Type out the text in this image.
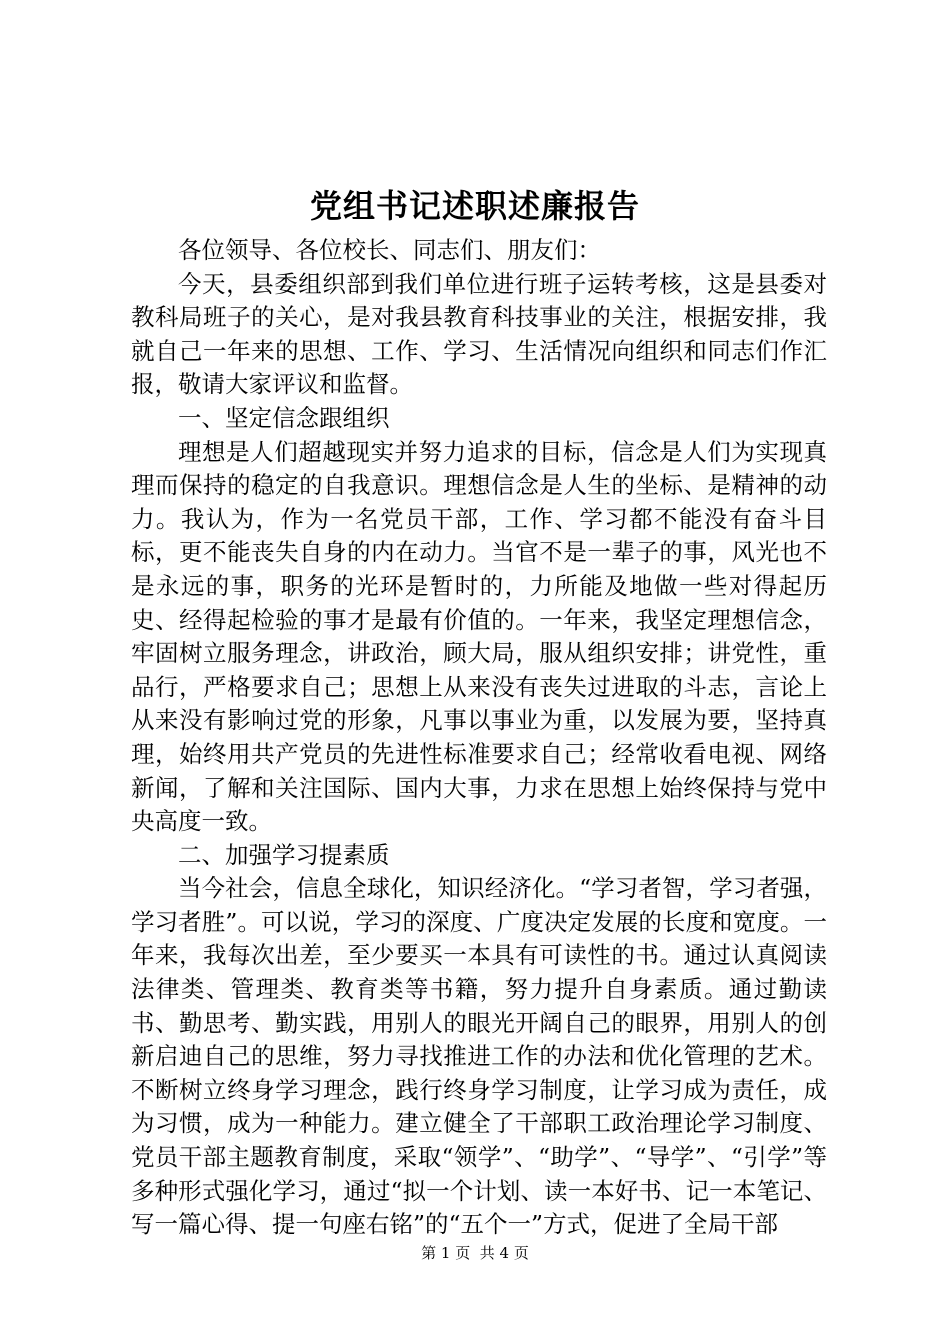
党组书记述职述廉报告

各位领导、各位校长、同志们、朋友们：

今天，县委组织部到我们单位进行班子运转考核，这是县委对教科局班子的关心，是对我县教育科技事业的关注，根据安排，我就自己一年来的思想、工作、学习、生活情况向组织和同志们作汇报，敬请大家评议和监督。

一、坚定信念跟组织

理想是人们超越现实并努力追求的目标，信念是人们为实现真理而保持的稳定的自我意识。理想信念是人生的坐标、是精神的动力。我认为，作为一名党员干部，工作、学习都不能没有奋斗目标，更不能丧失自身的内在动力。当官不是一辈子的事，风光也不是永远的事，职务的光环是暂时的，力所能及地做一些对得起历史、经得起检验的事才是最有价值的。一年来，我坚定理想信念，牢固树立服务理念，讲政治，顾大局，服从组织安排；讲党性，重品行，严格要求自己；思想上从来没有丧失过进取的斗志，言论上从来没有影响过党的形象，凡事以事业为重，以发展为要，坚持真理，始终用共产党员的先进性标准要求自己；经常收看电视、网络新闻，了解和关注国际、国内大事，力求在思想上始终保持与党中央高度一致。

二、加强学习提素质

当今社会，信息全球化，知识经济化。“学习者智，学习者强，学习者胜”。可以说，学习的深度、广度决定发展的长度和宽度。一年来，我每次出差，至少要买一本具有可读性的书。通过认真阅读法律类、管理类、教育类等书籍，努力提升自身素质。通过勤读书、勤思考、勤实践，用别人的眼光开阔自己的眼界，用别人的创新启迪自己的思维，努力寻找推进工作的办法和优化管理的艺术。不断树立终身学习理念，践行终身学习制度，让学习成为责任，成为习惯，成为一种能力。建立健全了干部职工政治理论学习制度、党员干部主题教育制度，采取“领学”、“助学”、“导学”、“引学”等多种形式强化学习，通过“拟一个计划、读一本好书、记一本笔记、写一篇心得、提一句座右铭”的“五个一”方式，促进了全局干部

第 1 页  共 4 页
